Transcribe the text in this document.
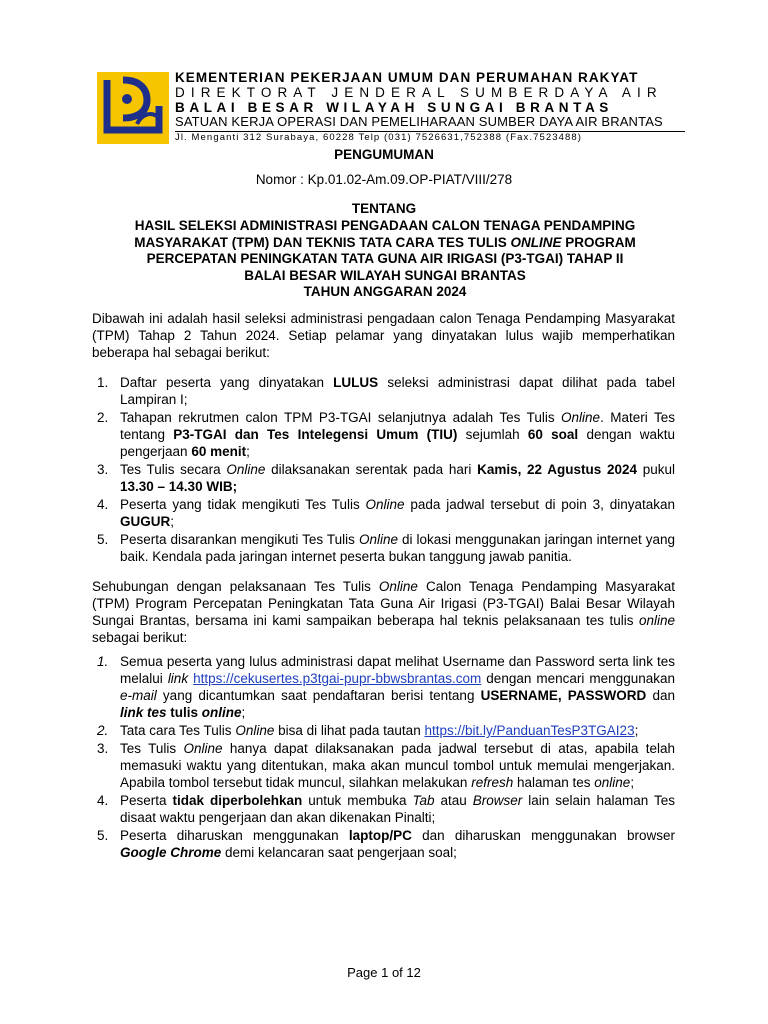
KEMENTERIAN PEKERJAAN UMUM DAN PERUMAHAN RAKYAT
DIREKTORAT JENDERAL SUMBERDAYA AIR
BALAI BESAR WILAYAH SUNGAI BRANTAS
SATUAN KERJA OPERASI DAN PEMELIHARAAN SUMBER DAYA AIR BRANTAS
Jl. Menganti 312 Surabaya, 60228 Telp (031) 7526631,752388 (Fax.7523488)
PENGUMUMAN
Nomor : Kp.01.02-Am.09.OP-PIAT/VIII/278
TENTANG
HASIL SELEKSI ADMINISTRASI PENGADAAN CALON TENAGA PENDAMPING
MASYARAKAT (TPM) DAN TEKNIS TATA CARA TES TULIS ONLINE PROGRAM
PERCEPATAN PENINGKATAN TATA GUNA AIR IRIGASI (P3-TGAI) TAHAP II
BALAI BESAR WILAYAH SUNGAI BRANTAS
TAHUN ANGGARAN 2024
Dibawah ini adalah hasil seleksi administrasi pengadaan calon Tenaga Pendamping Masyarakat (TPM) Tahap 2 Tahun 2024. Setiap pelamar yang dinyatakan lulus wajib memperhatikan beberapa hal sebagai berikut:
1. Daftar peserta yang dinyatakan LULUS seleksi administrasi dapat dilihat pada tabel Lampiran I;
2. Tahapan rekrutmen calon TPM P3-TGAI selanjutnya adalah Tes Tulis Online. Materi Tes tentang P3-TGAI dan Tes Intelegensi Umum (TIU) sejumlah 60 soal dengan waktu pengerjaan 60 menit;
3. Tes Tulis secara Online dilaksanakan serentak pada hari Kamis, 22 Agustus 2024 pukul 13.30 – 14.30 WIB;
4. Peserta yang tidak mengikuti Tes Tulis Online pada jadwal tersebut di poin 3, dinyatakan GUGUR;
5. Peserta disarankan mengikuti Tes Tulis Online di lokasi menggunakan jaringan internet yang baik. Kendala pada jaringan internet peserta bukan tanggung jawab panitia.
Sehubungan dengan pelaksanaan Tes Tulis Online Calon Tenaga Pendamping Masyarakat (TPM) Program Percepatan Peningkatan Tata Guna Air Irigasi (P3-TGAI) Balai Besar Wilayah Sungai Brantas, bersama ini kami sampaikan beberapa hal teknis pelaksanaan tes tulis online sebagai berikut:
1. Semua peserta yang lulus administrasi dapat melihat Username dan Password serta link tes melalui link https://cekusertes.p3tgai-pupr-bbwsbrantas.com dengan mencari menggunakan e-mail yang dicantumkan saat pendaftaran berisi tentang USERNAME, PASSWORD dan link tes tulis online;
2. Tata cara Tes Tulis Online bisa di lihat pada tautan https://bit.ly/PanduanTesP3TGAI23;
3. Tes Tulis Online hanya dapat dilaksanakan pada jadwal tersebut di atas, apabila telah memasuki waktu yang ditentukan, maka akan muncul tombol untuk memulai mengerjakan. Apabila tombol tersebut tidak muncul, silahkan melakukan refresh halaman tes online;
4. Peserta tidak diperbolehkan untuk membuka Tab atau Browser lain selain halaman Tes disaat waktu pengerjaan dan akan dikenakan Pinalti;
5. Peserta diharuskan menggunakan laptop/PC dan diharuskan menggunakan browser Google Chrome demi kelancaran saat pengerjaan soal;
Page 1 of 12
